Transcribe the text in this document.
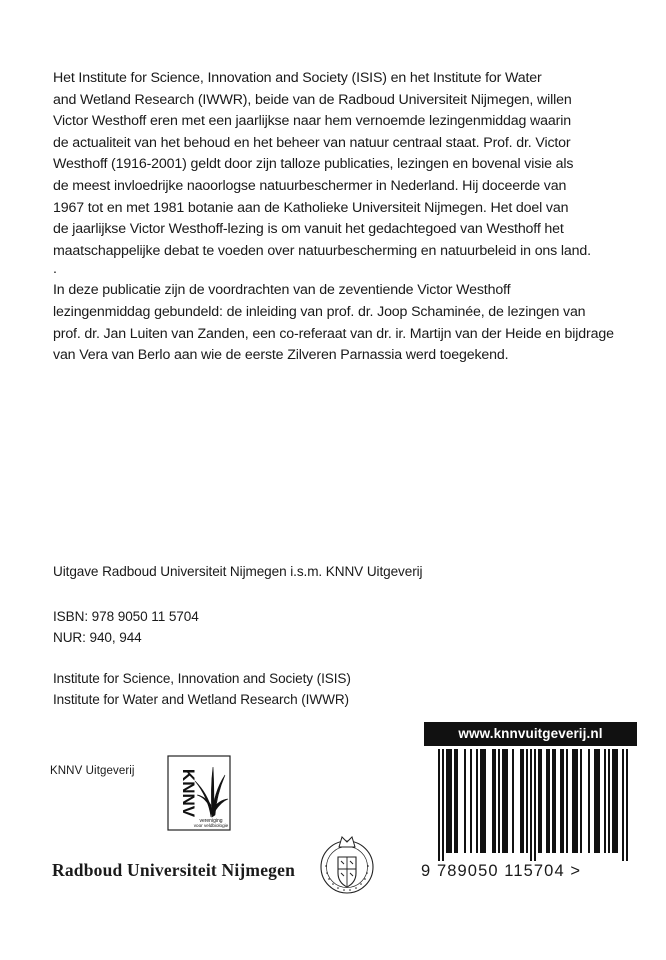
Het Institute for Science, Innovation and Society (ISIS) en het Institute for Water
and Wetland Research (IWWR), beide van de Radboud Universiteit Nijmegen, willen
Victor Westhoff eren met een jaarlijkse naar hem vernoemde lezingenmiddag waarin
de actualiteit van het behoud en het beheer van natuur centraal staat. Prof. dr. Victor
Westhoff (1916-2001) geldt door zijn talloze publicaties, lezingen en bovenal visie als
de meest invloedrijke naoorlogse natuurbeschermer in Nederland. Hij doceerde van
1967 tot en met 1981 botanie aan de Katholieke Universiteit Nijmegen. Het doel van
de jaarlijkse Victor Westhoff-lezing is om vanuit het gedachtegoed van Westhoff het
maatschappelijke debat te voeden over natuurbescherming en natuurbeleid in ons land.

.

In deze publicatie zijn de voordrachten van de zeventiende Victor Westhoff
lezingenmiddag gebundeld: de inleiding van prof. dr. Joop Schaminée, de lezingen van
prof. dr. Jan Luiten van Zanden, een co-referaat van dr. ir. Martijn van der Heide en bijdrage
van Vera van Berlo aan wie de eerste Zilveren Parnassia werd toegekend.

Uitgave Radboud Universiteit Nijmegen i.s.m. KNNV Uitgeverij

ISBN: 978 9050 11 5704

NUR: 940, 944

Institute for Science, Innovation and Society (ISIS)

Institute for Water and Wetland Research (IWWR)

KNNV Uitgeverij	KNNV
vereniging
voor veldbiologie
Radboud Universiteit Nijmegen
www.knnvuitgeverij.nl
9 789050 115704 >
